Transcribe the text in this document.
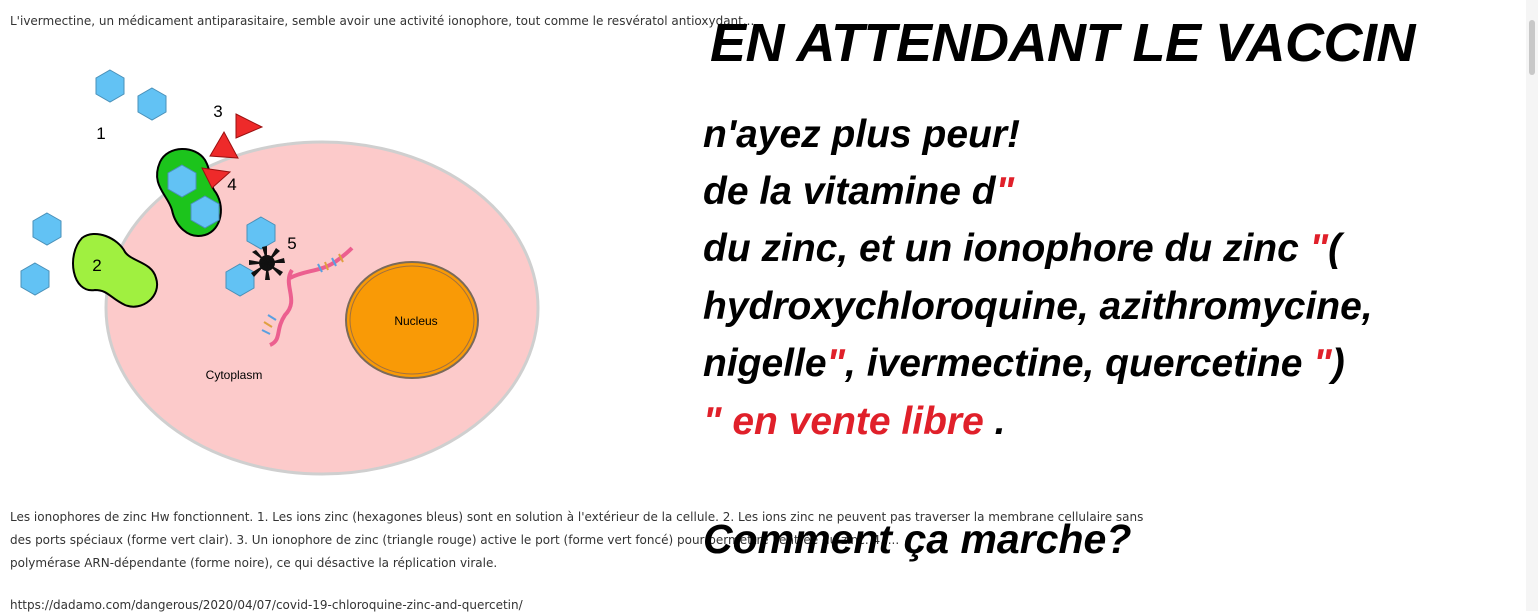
L'ivermectine, un médicament antiparasitaire, semble avoir une activité ionophore, tout comme le resvératol antioxydant...
Nucleus
Cytoplasm
2
1
3
4
5
Les ionophores de zinc Hw fonctionnent. 1. Les ions zinc (hexagones bleus) sont en solution à l'extérieur de la cellule. 2. Les ions zinc ne peuvent pas traverser la membrane cellulaire sans
des ports spéciaux (forme vert clair). 3. Un ionophore de zinc (triangle rouge) active le port (forme vert foncé) pour permettre l'entrée du zinc. 4. ...
polymérase ARN-dépendante (forme noire), ce qui désactive la réplication virale.
https://dadamo.com/dangerous/2020/04/07/covid-19-chloroquine-zinc-and-quercetin/
EN ATTENDANT LE VACCIN
n'ayez plus peur!
de la vitamine d"
du zinc, et un ionophore du zinc "(
hydroxychloroquine, azithromycine,
nigelle", ivermectine, quercetine ")
" en vente libre .
Comment ça marche?
